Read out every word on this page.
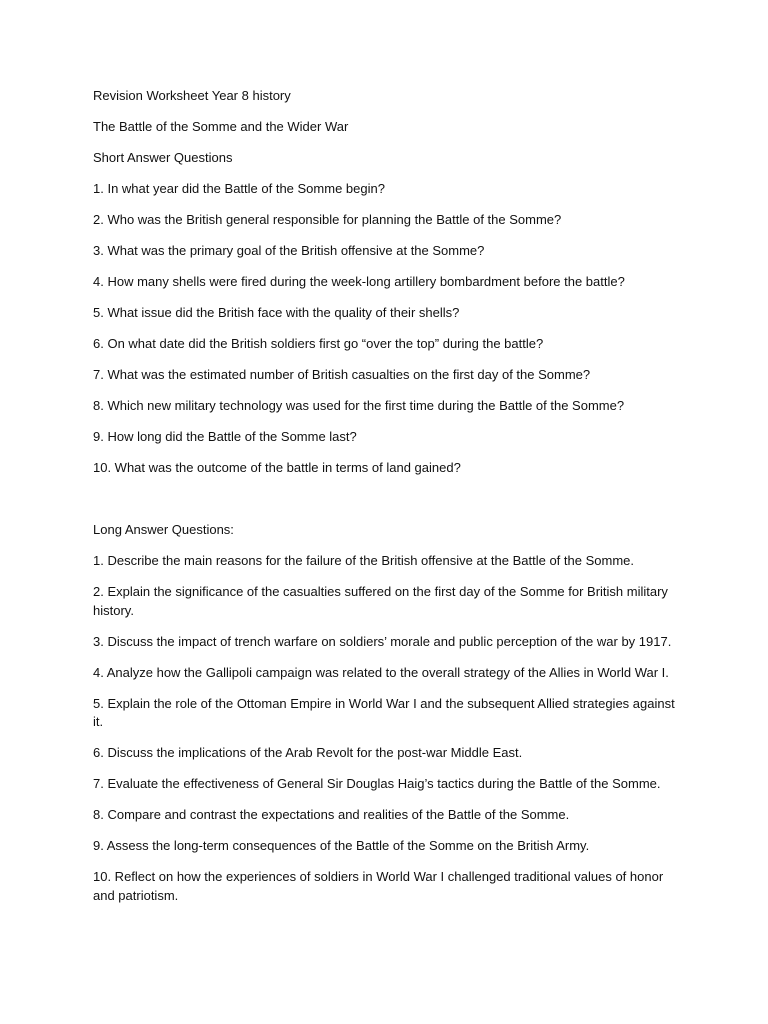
Revision Worksheet Year 8 history

The Battle of the Somme and the Wider War

Short Answer Questions

1. In what year did the Battle of the Somme begin?

2. Who was the British general responsible for planning the Battle of the Somme?

3. What was the primary goal of the British offensive at the Somme?

4. How many shells were fired during the week-long artillery bombardment before the battle?

5. What issue did the British face with the quality of their shells?

6. On what date did the British soldiers first go “over the top” during the battle?

7. What was the estimated number of British casualties on the first day of the Somme?

8. Which new military technology was used for the first time during the Battle of the Somme?

9. How long did the Battle of the Somme last?

10. What was the outcome of the battle in terms of land gained?

Long Answer Questions:

1. Describe the main reasons for the failure of the British offensive at the Battle of the Somme.

2. Explain the significance of the casualties suffered on the first day of the Somme for British military history.

3. Discuss the impact of trench warfare on soldiers’ morale and public perception of the war by 1917.

4. Analyze how the Gallipoli campaign was related to the overall strategy of the Allies in World War I.

5. Explain the role of the Ottoman Empire in World War I and the subsequent Allied strategies against it.

6. Discuss the implications of the Arab Revolt for the post-war Middle East.

7. Evaluate the effectiveness of General Sir Douglas Haig’s tactics during the Battle of the Somme.

8. Compare and contrast the expectations and realities of the Battle of the Somme.

9. Assess the long-term consequences of the Battle of the Somme on the British Army.

10. Reflect on how the experiences of soldiers in World War I challenged traditional values of honor and patriotism.
